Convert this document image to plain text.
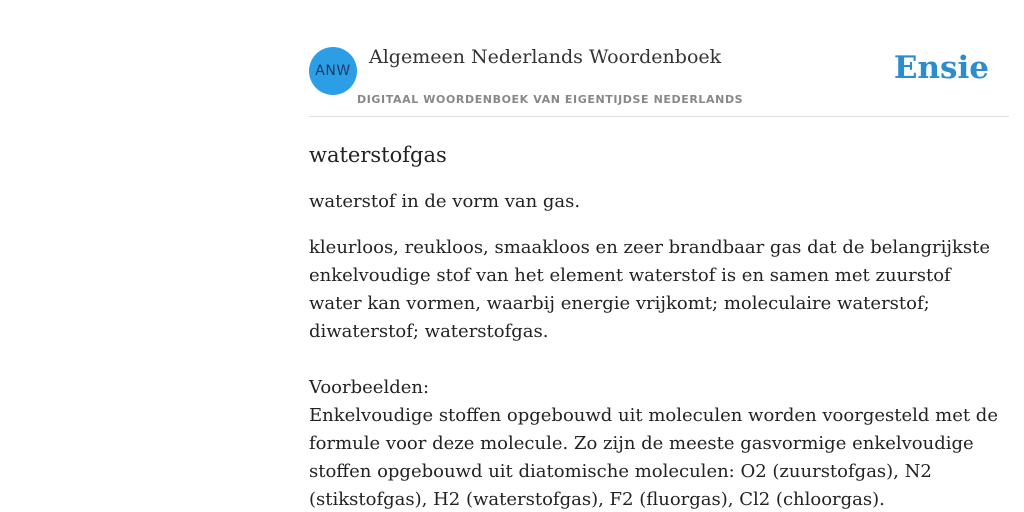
ANW
Algemeen Nederlands Woordenboek
DIGITAAL WOORDENBOEK VAN EIGENTIJDSE NEDERLANDS
Ensie
waterstofgas

waterstof in de vorm van gas.

kleurloos, reukloos, smaakloos en zeer brandbaar gas dat de belangrijkste enkelvoudige stof van het element waterstof is en samen met zuurstof water kan vormen, waarbij energie vrijkomt; moleculaire waterstof; diwaterstof; waterstofgas.

Voorbeelden:
Enkelvoudige stoffen opgebouwd uit moleculen worden voorgesteld met de formule voor deze molecule. Zo zijn de meeste gasvormige enkelvoudige stoffen opgebouwd uit diatomische moleculen: O2 (zuurstofgas), N2 (stikstofgas), H2 (waterstofgas), F2 (fluorgas), Cl2 (chloorgas).
